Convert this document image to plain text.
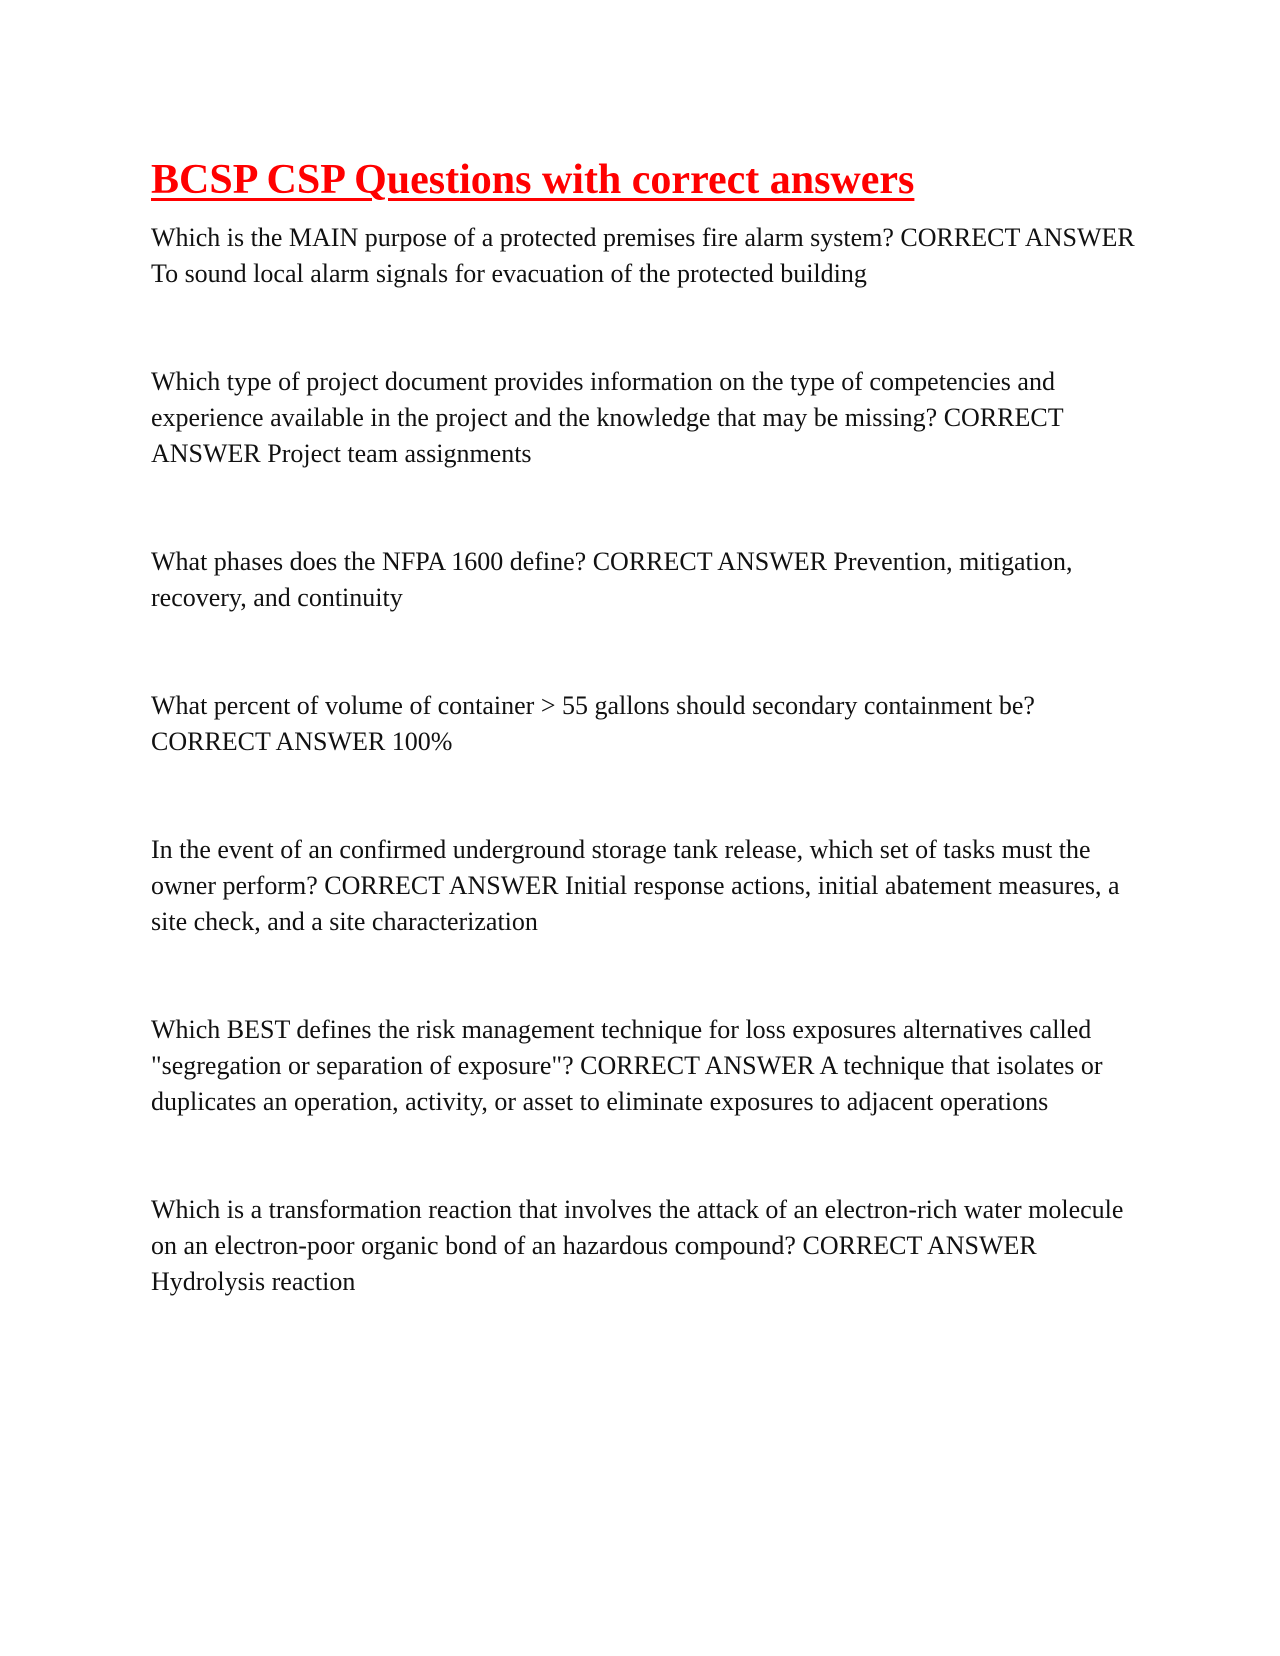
BCSP CSP Questions with correct answers

Which is the MAIN purpose of a protected premises fire alarm system? CORRECT ANSWER To sound local alarm signals for evacuation of the protected building

Which type of project document provides information on the type of competencies and experience available in the project and the knowledge that may be missing? CORRECT ANSWER Project team assignments

What phases does the NFPA 1600 define? CORRECT ANSWER Prevention, mitigation, recovery, and continuity

What percent of volume of container > 55 gallons should secondary containment be? CORRECT ANSWER 100%

In the event of an confirmed underground storage tank release, which set of tasks must the owner perform? CORRECT ANSWER Initial response actions, initial abatement measures, a site check, and a site characterization

Which BEST defines the risk management technique for loss exposures alternatives called "segregation or separation of exposure"? CORRECT ANSWER A technique that isolates or duplicates an operation, activity, or asset to eliminate exposures to adjacent operations

Which is a transformation reaction that involves the attack of an electron-rich water molecule on an electron-poor organic bond of an hazardous compound? CORRECT ANSWER Hydrolysis reaction
